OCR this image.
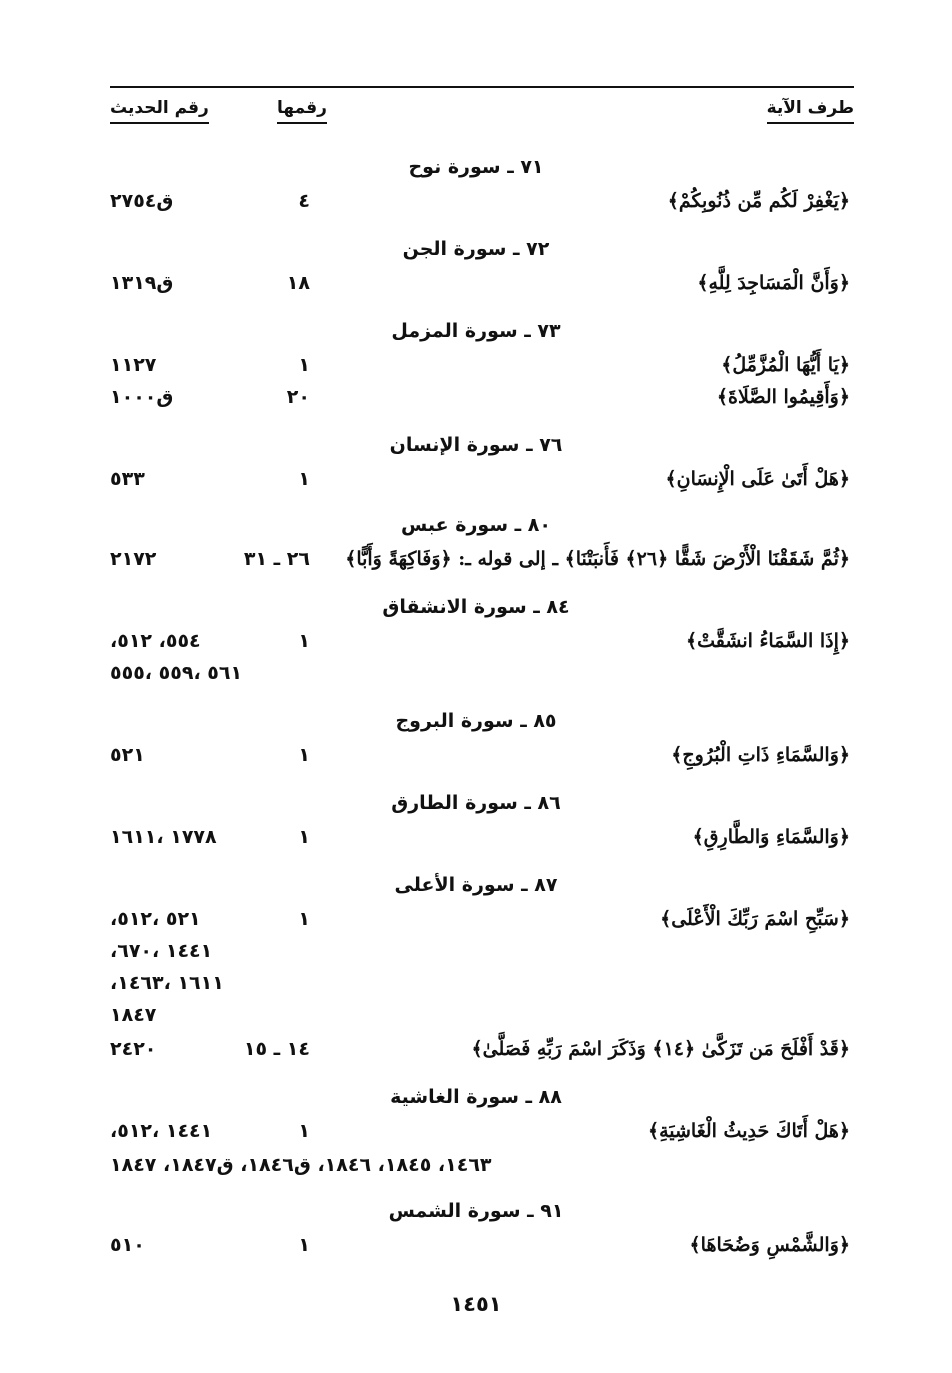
طرف الآية
رقمها
رقم الحديث
٧١ ـ سورة نوح
﴿يَغْفِرْ لَكُم مِّن ذُنُوبِكُمْ﴾
٤
ق٢٧٥٤
٧٢ ـ سورة الجن
﴿وَأَنَّ الْمَسَاجِدَ لِلَّهِ﴾
١٨
ق١٣١٩
٧٣ ـ سورة المزمل
﴿يَا أَيُّهَا الْمُزَّمِّلُ﴾
١
١١٢٧
﴿وَأَقِيمُوا الصَّلَاةَ﴾
٢٠
ق١٠٠٠
٧٦ ـ سورة الإنسان
﴿هَلْ أَتَىٰ عَلَى الْإِنسَانِ﴾
١
٥٣٣
٨٠ ـ سورة عبس
﴿ثُمَّ شَقَقْنَا الْأَرْضَ شَقًّا ﴿٢٦﴾ فَأَنبَتْنَا﴾ ـ إلى قوله ـ: ﴿وَفَاكِهَةً وَأَبًّا﴾
٢٦ ـ ٣١
٢١٧٢
٨٤ ـ سورة الانشقاق
﴿إِذَا السَّمَاءُ انشَقَّتْ﴾
١
٥٥٤، ٥١٢،
٥٦١ ،٥٥٩ ،٥٥٥
٨٥ ـ سورة البروج
﴿وَالسَّمَاءِ ذَاتِ الْبُرُوجِ﴾
١
٥٢١
٨٦ ـ سورة الطارق
﴿وَالسَّمَاءِ وَالطَّارِقِ﴾
١
١٧٧٨ ،١٦١١
٨٧ ـ سورة الأعلى
﴿سَبِّحِ اسْمَ رَبِّكَ الْأَعْلَى﴾
١
٥٢١ ،٥١٢،
١٤٤١ ،٦٧٠،
١٦١١ ،١٤٦٣،
١٨٤٧
﴿قَدْ أَفْلَحَ مَن تَزَكَّىٰ ﴿١٤﴾ وَذَكَرَ اسْمَ رَبِّهِ فَصَلَّىٰ﴾
١٤ ـ ١٥
٢٤٢٠
٨٨ ـ سورة الغاشية
﴿هَلْ أَتَاكَ حَدِيثُ الْغَاشِيَةِ﴾
١
١٤٤١ ،٥١٢،
١٤٦٣، ١٨٤٥، ١٨٤٦، ق١٨٤٦، ق١٨٤٧، ١٨٤٧
٩١ ـ سورة الشمس
﴿وَالشَّمْسِ وَضُحَاهَا﴾
١
٥١٠
١٤٥١
